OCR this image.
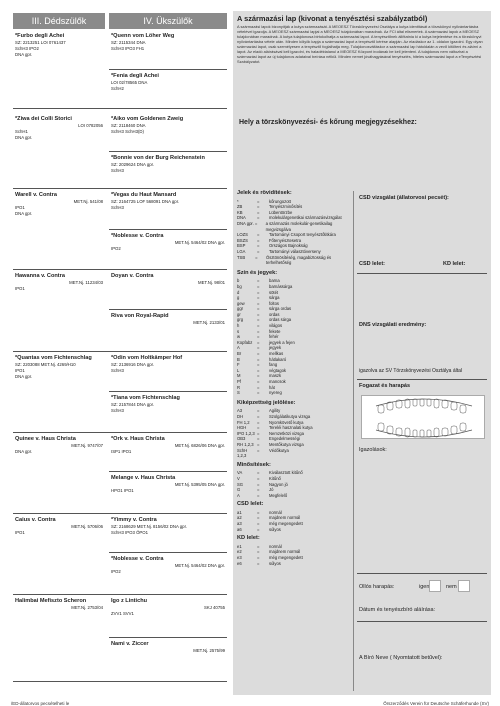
III. Dédszülők	IV. Ükszülők
*Furbo degli Achei
SZ: 2213251 LOI 0761437
SchH3 IPO2
DNA gpr.
*Ziwa dei Colli Storici
LOI 0782056
SchH1
DNA gpr.
Warell v. Contra
MET.Nj. 541/08
IPO1
DNA gpr.
Hawanna v. Contra
MET.Nj. 11234/03
IPO1
*Quantas vom Fichtenschlag
SZ: 2203088 MET.Nj. 4269/H10
IPO1
DNA gpr.
Quinee v. Haus Christa
MET.Nj. 9747/07
DNA gpr.
Caius v. Contra
MET.Nj. 5706/06
IPO1
Halimbai Mefiszto Scheron
MET.Nj. 2753/04
*Quenn vom Löher Weg
SZ: 2115344 DNA
SchH3 IPO3 FH1
*Fenia degli Achei
LOI 02/78565 DNA
SchH2
*Aiko vom Goldenen Zweig
SZ: 2118460 DNA
SchH3 SchH3(D)
*Bonnie von der Burg Reichenstein
SZ: 2029624 DNA gpr.
SchH3
*Vegas du Haut Mansard
SZ: 2164725 LOF 568091 DNA gpr.
SchH3
*Noblesse v. Contra
MET.Nj. 5464/02 DNA gpr.
IPO2
Doyan v. Contra
MET.Nj. 98/01
Riva von Royal-Rapid
MET.Nj. 2133/01
*Odin vom Holtkämper Hof
SZ: 2136916 DNA gpr.
SchH3
*Tiana vom Fichtenschlag
SZ: 2157844 DNA gpr.
SchH3
*Ork v. Haus Christa
MET.Nj. 6826/06 DNA gpr.
ISP1 IPO1
Melange v. Haus Christa
MET.Nj. 5395/05 DNA gpr.
HPO1 IPO1
*Yimmy v. Contra
SZ: 2168629 MET.Nj. 8156/02 DNA gpr.
SchH3 IPO3 ÖPO1
*Noblesse v. Contra
MET.Nj. 5464/02 DNA gpr.
IPO2
Igo z Lintichu
SKJ 40755
ZVV1 SVV1
Nami v. Ziccer
MET.Nj. 2575/99
A származási lap (kivonat a tenyésztési szabályzatból)
A származási lapok bizonyítják a kutya származását. A MEOESZ Törzskönyvezési Osztálya a kutya identitását a törzskönyvi nyilvántartásba vételével igazolja. A MEOESZ származási lapjai a MEOESZ tulajdonában maradnak. Az FCI által elismertek. A származási lapok a MEOESZ tulajdonában maradnak. A kutya tulajdonosa birtokolhatja a származási lapot. A tenyésztőnek állíttatnia ki a kutya bejelentése és a törzskönyvi nyilvántartásba vétele után. Minden kölyök kapja a származási lapot a tenyésztő kérése alapján. Az eladáskor az 1. oldalon igazolni. Egy olyan származási lapot, csak személyesen a tenyésztő foglalhatja meg. Tulajdonosváltáskor a származási lap hátoldalán a vevő kitölteni és aláírni a lapot. Az eladó aláírásával kell igazolni, és haladéktalanul a MEOESZ Központ irodának be kell jelenteni. A tulajdonos nem változhat a származási lapot az új tulajdonos adataival beírása nélkül. Minden nemet jóváhagyásával tenyésztés, hiteles származási lapot a eTenyésztési Szabályzatot.
Hely a törzskönyvezési- és kőrung megjegyzésekhez:
Jelek és rövidítések:
*	=	kőrungozott
ZB	=	Tenyészminősítés
KB	=	Lübentörzbe
DNA	=	molekulárgenetikai származásvizsgálat
DNA gpr. =	a származás molekulár-genetikailag megvizsgálva
LOZS	=	Tartományi Csoport tenyésztőtitkára
BSZS	=	Főtenyésztesetra
BSP	=	Országos Bajnokság
LGA	=	Tartományi választóverseny
TSB	=	Ösztönösítéség, magabiztosság és terhelhetőség
Szín és jegyek:
b	=	barna
bg	=	barnássárga
d	=	sötét
g	=	sárga
gew	=	foltos
ggr	=	sárga ordas
gr	=	ordas
grg	=	ordas sárga
h	=	világos
s	=	fekete
w	=	fehér
Kopfabz	=	jegyek a fejen
A	=	jegyek
Br	=	mellkas
B	=	hátlakaró
F	=	fang
L	=	végtagok
M	=	maszk
Pf	=	mancsok
R	=	hát
S	=	nyereg
Kiképzettség jelölése:
A3	=	Agility
DH	=	Szolgálatikutya vizsga
FH 1,2	=	Nyomkövető kutya
HGH	=	Tereléi hasznalati kutya
IPO 1,2,3 =	Nemzetközi vizsga
OB3	=	Engedelmességi
RH 1,2,3 =	Mentőkutya vizsga
SchH 1,2,3
=	Védőkutya
Minősítések:
VA	=	Kiválasztott kitűnő
V	=	Kitűnő
SG	=	Nagyon jó
G	=	Jó
A	=	Megfelelő
CSD lelet:
a1	=	normál
a2	=	majdnem normál
a3	=	még megengedett
a6	=	súlyos
KD lelet:
e1	=	normál
e2	=	majdnem normál
e3	=	még megengedett
e6	=	súlyos
CSD vizsgálat (állatorvosi pecsét):
CSD lelet:	KD lelet:
DNS vizsgálati eredmény:
igazolva az SV Törzskönyvezési Osztálya által
Fogazat és harapás
Igazolások:
Ollós harapás:	igen	nem
Dátum és tenyészbíró aláírása:
A Bíró Neve ( Nyomtatott betűvel):
/ED-állatorvos pecsételheti le	Őrszerződés Verein für Deutsche Schäferhunde (SV)
